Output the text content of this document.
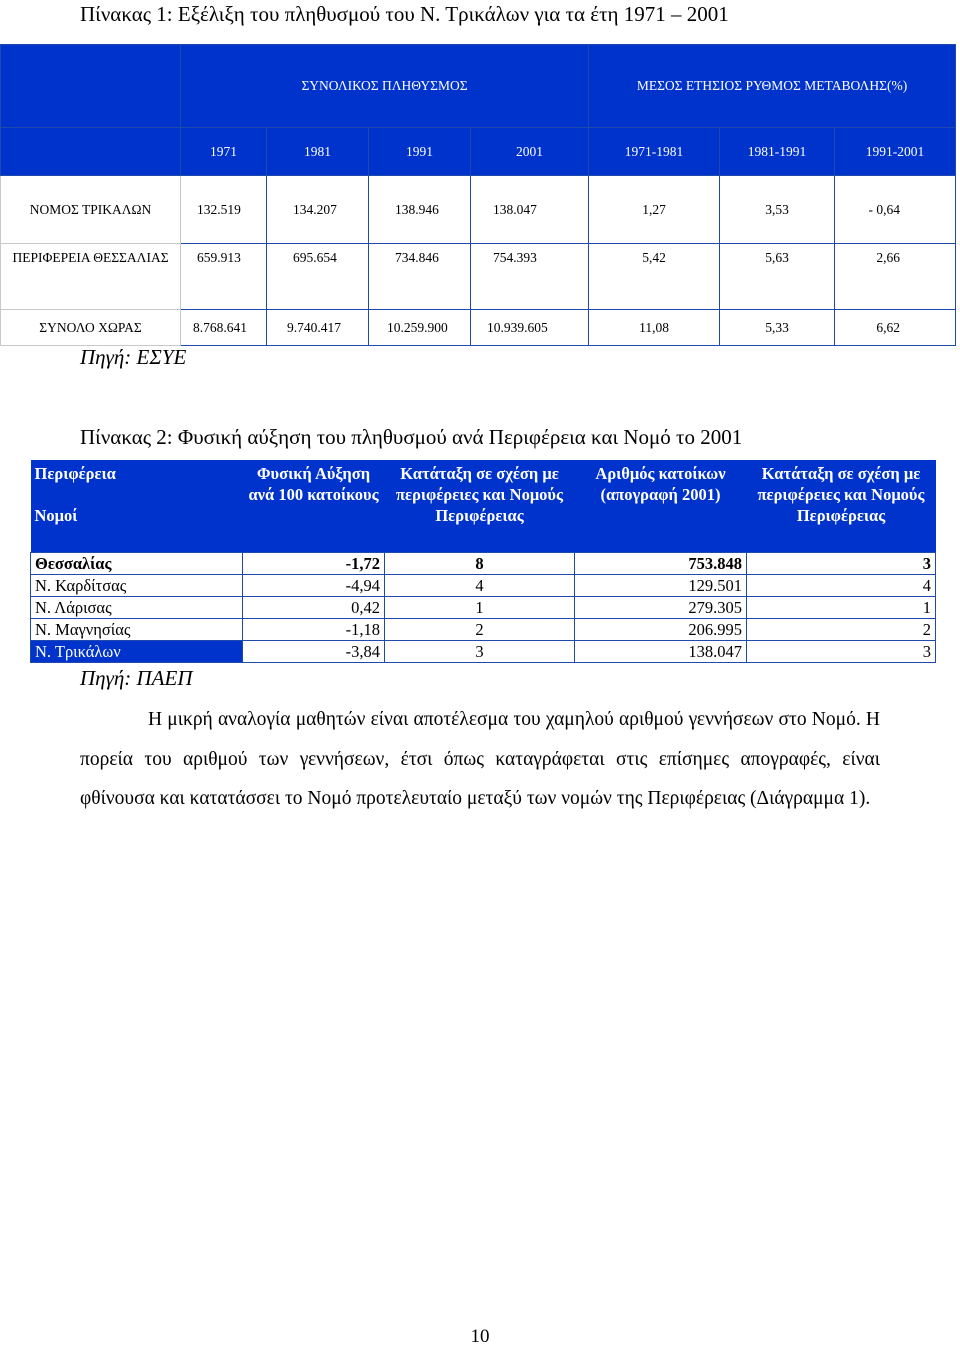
Πίνακας 1: Εξέλιξη του πληθυσμού του Ν. Τρικάλων για τα έτη 1971 – 2001
	ΣΥΝΟΛΙΚΟΣ ΠΛΗΘΥΣΜΟΣ				ΜΕΣΟΣ ΕΤΗΣΙΟΣ ΡΥΘΜΟΣ ΜΕΤΑΒΟΛΗΣ(%)		
	1971	1981	1991	2001	1971-1981	1981-1991	1991-2001
ΝΟΜΟΣ ΤΡΙΚΑΛΩΝ	132.519	134.207	138.946	138.047	1,27	3,53	- 0,64
ΠΕΡΙΦΕΡΕΙΑ ΘΕΣΣΑΛΙΑΣ	659.913	695.654	734.846	754.393	5,42	5,63	2,66
ΣΥΝΟΛΟ ΧΩΡΑΣ	8.768.641	9.740.417	10.259.900	10.939.605	11,08	5,33	6,62
Πηγή: ΕΣΥΕ
Πίνακας 2: Φυσική αύξηση του πληθυσμού ανά Περιφέρεια και Νομό το 2001
Περιφέρεια
Νομοί	Φυσική Αύξηση ανά 100 κατοίκους	Κατάταξη σε σχέση με περιφέρειες και Νομούς Περιφέρειας	Αριθμός κατοίκων (απογραφή 2001)	Κατάταξη σε σχέση με περιφέρειες και Νομούς Περιφέρειας
Θεσσαλίας	-1,72	8	753.848	3
Ν. Καρδίτσας	-4,94	4	129.501	4
Ν. Λάρισας	0,42	1	279.305	1
Ν. Μαγνησίας	-1,18	2	206.995	2
Ν. Τρικάλων	-3,84	3	138.047	3
Πηγή: ΠΑΕΠ
Η μικρή αναλογία μαθητών είναι αποτέλεσμα του χαμηλού αριθμού γεννήσεων στο Νομό. Η πορεία του αριθμού των γεννήσεων, έτσι όπως καταγράφεται στις επίσημες απογραφές, είναι φθίνουσα και κατατάσσει το Νομό προτελευταίο μεταξύ των νομών της Περιφέρειας (Διάγραμμα 1).
10
